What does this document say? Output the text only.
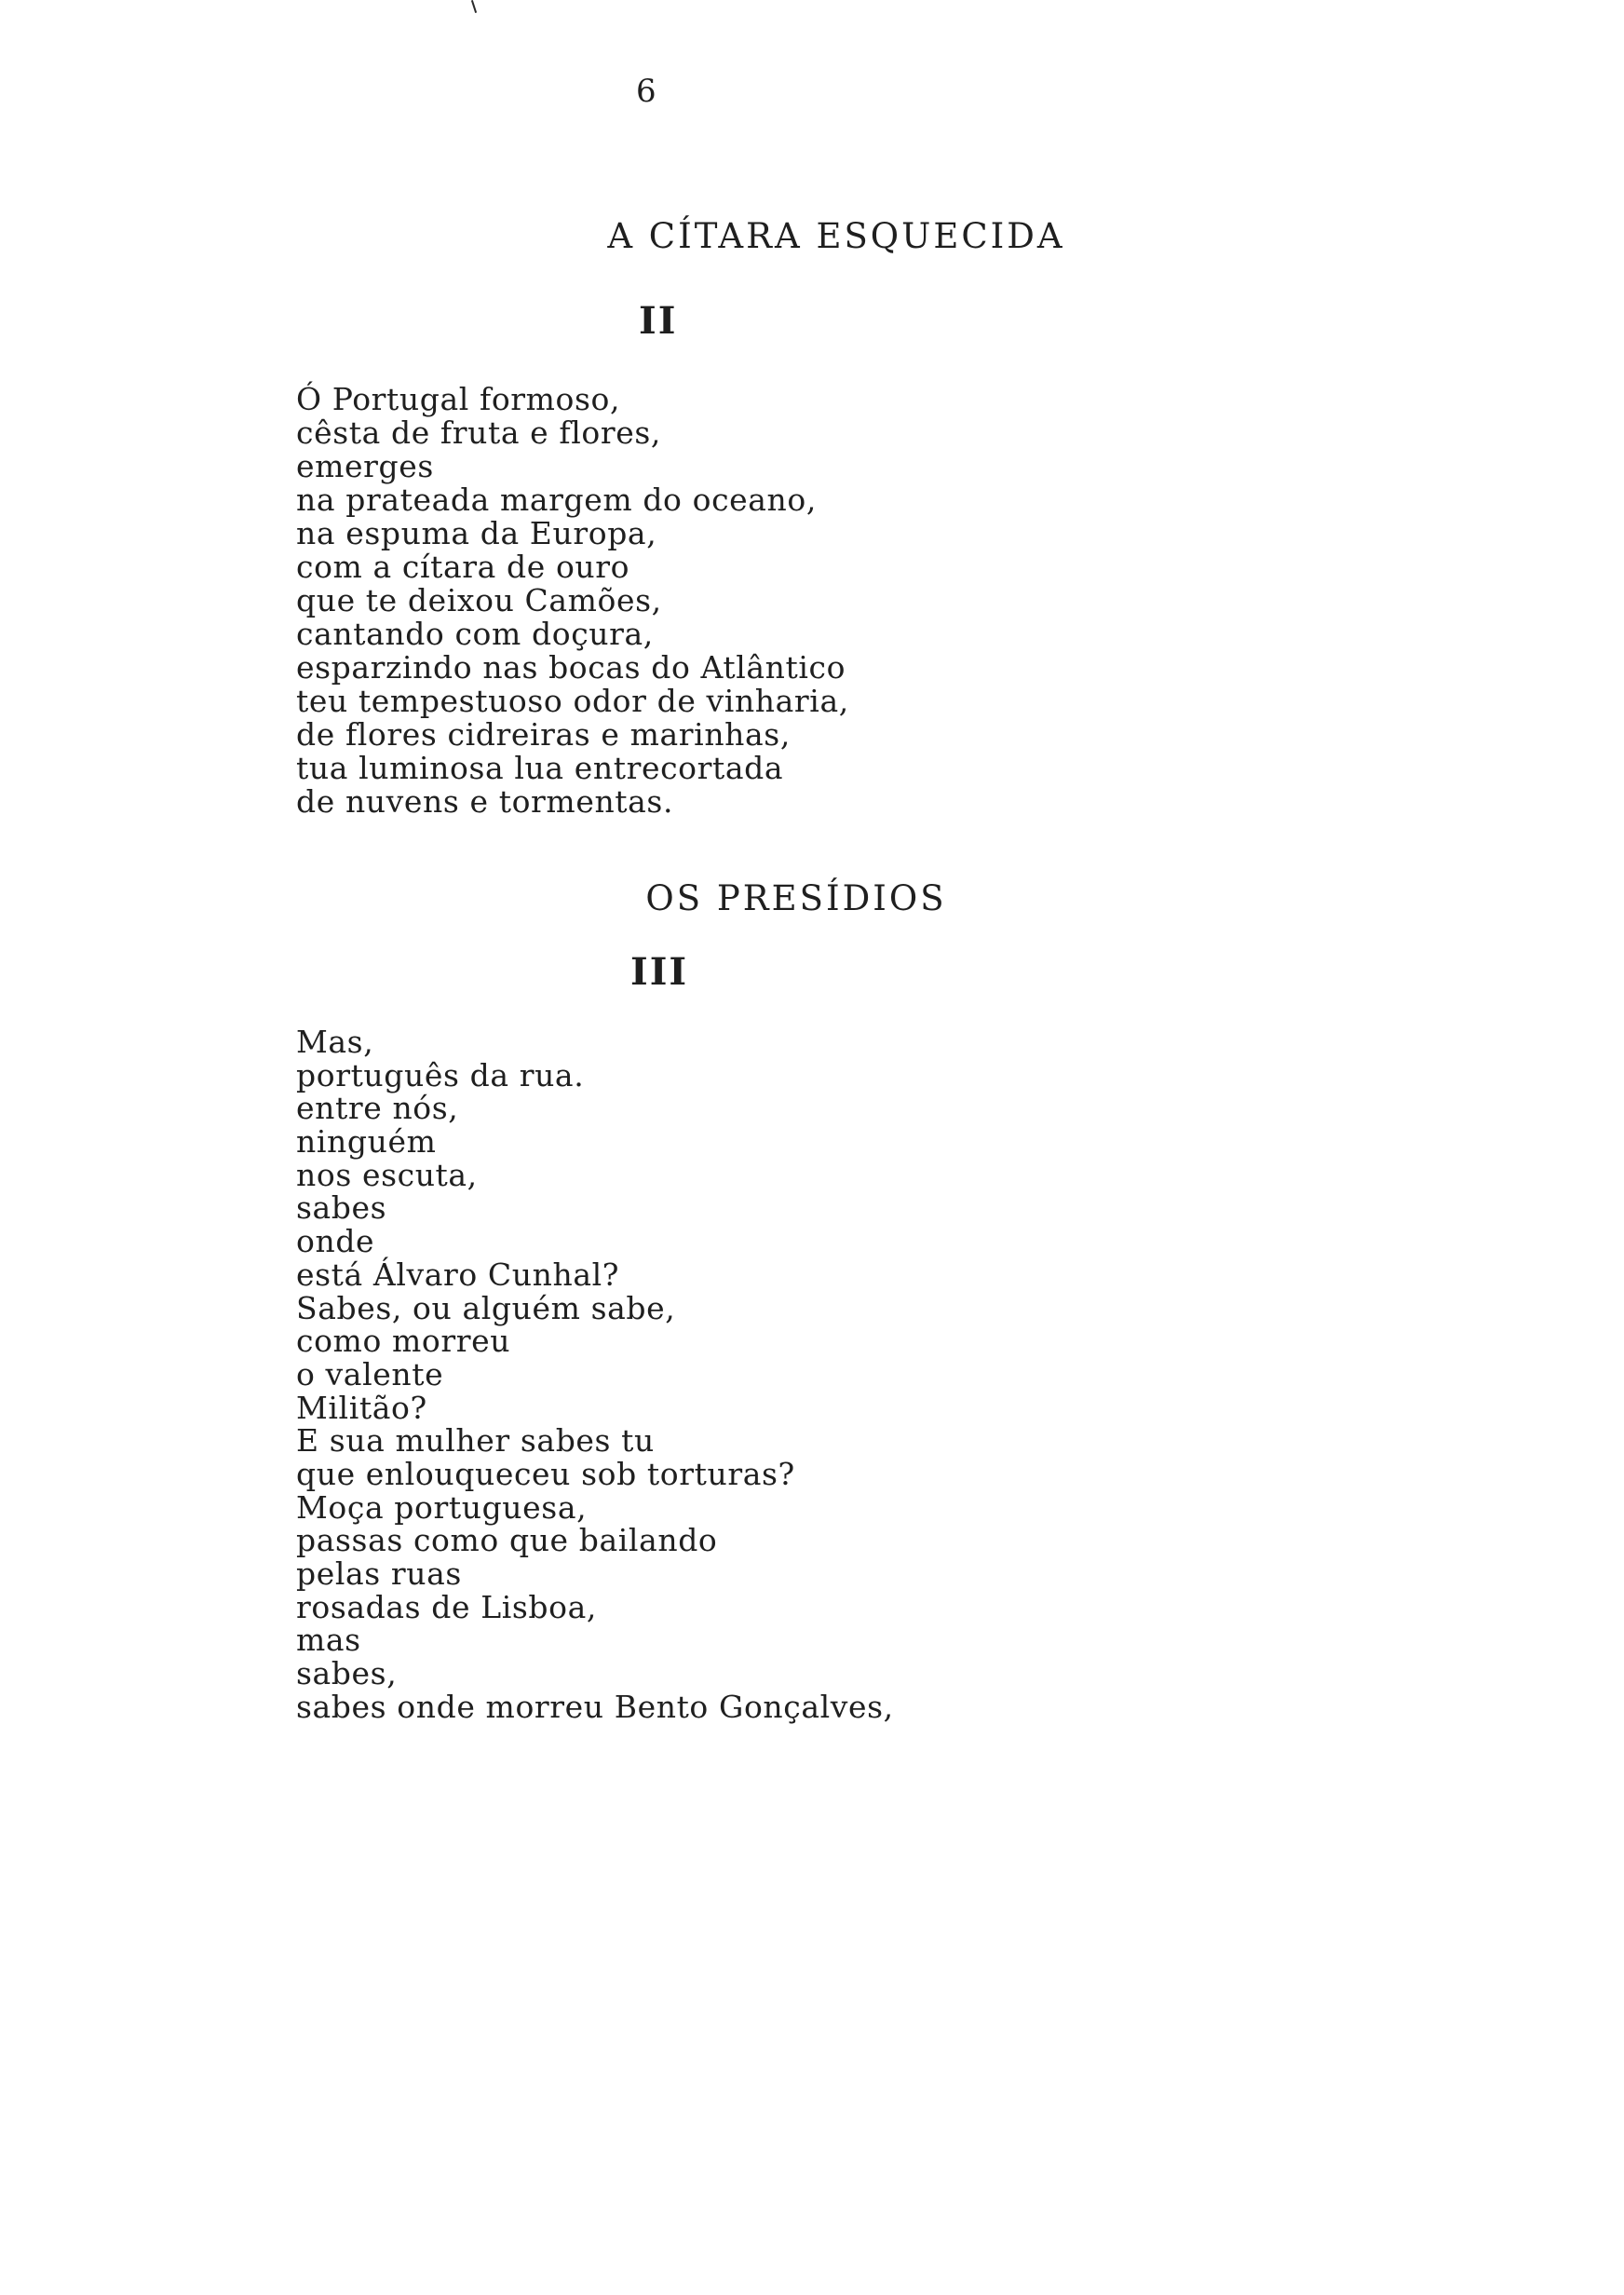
6
A CÍTARA ESQUECIDA
II
Ó Portugal formoso,
cêsta de fruta e flores,
emerges
na prateada margem do oceano,
na espuma da Europa,
com a cítara de ouro
que te deixou Camões,
cantando com doçura,
esparzindo nas bocas do Atlântico
teu tempestuoso odor de vinharia,
de flores cidreiras e marinhas,
tua luminosa lua entrecortada
de nuvens e tormentas.
OS PRESÍDIOS
III
Mas,
português da rua.
entre nós,
ninguém
nos escuta,
sabes
onde
está Álvaro Cunhal?
Sabes, ou alguém sabe,
como morreu
o valente
Militão?
E sua mulher sabes tu
que enlouqueceu sob torturas?
Moça portuguesa,
passas como que bailando
pelas ruas
rosadas de Lisboa,
mas
sabes,
sabes onde morreu Bento Gonçalves,
